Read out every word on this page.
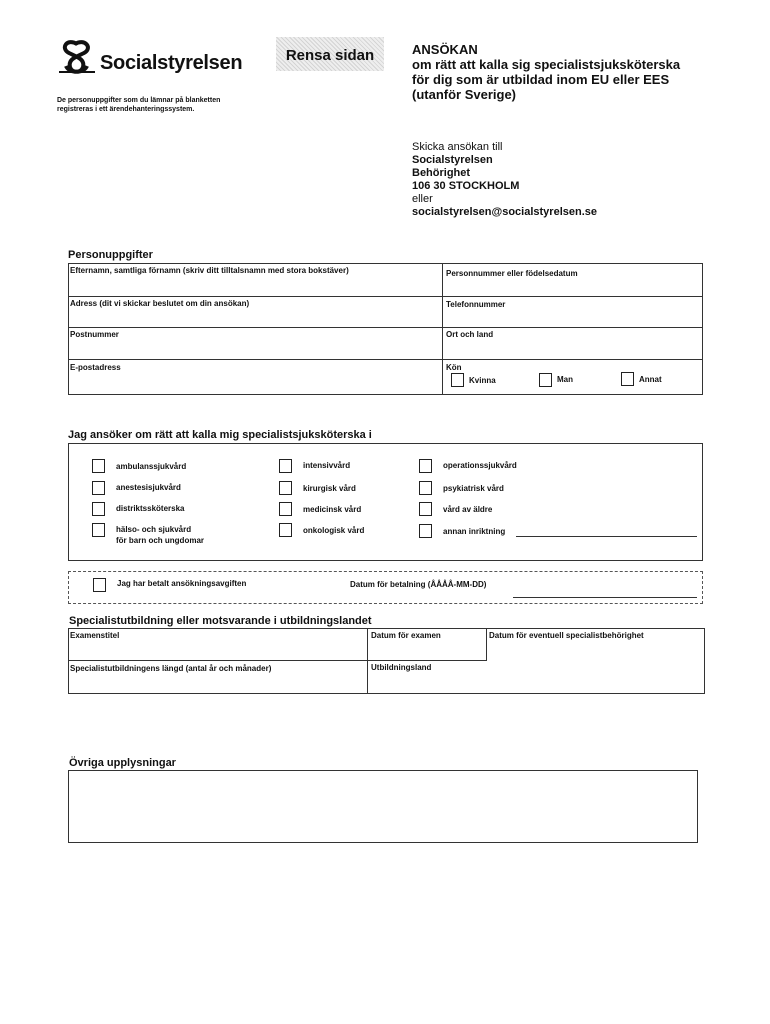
Socialstyrelsen
De personuppgifter som du lämnar på blanketten registreras i ett ärendehanteringssystem.
Rensa sidan	ANSÖKAN
om rätt att kalla sig specialistsjuksköterska
för dig som är utbildad inom EU eller EES
(utanför Sverige)
Skicka ansökan till
Socialstyrelsen
Behörighet
106 30 STOCKHOLM
eller
socialstyrelsen@socialstyrelsen.se
Personuppgifter
Efternamn, samtliga förnamn (skriv ditt tilltalsnamn med stora bokstäver)	Personnummer eller födelsedatum
Adress (dit vi skickar beslutet om din ansökan)	Telefonnummer
Postnummer	Ort och land
E-postadress	Kön
Kvinna	Man	Annat
Jag ansöker om rätt att kalla mig specialistsjuksköterska i
ambulanssjukvård
anestesisjukvård
distriktssköterska
hälso- och sjukvård
för barn och ungdomar
intensivvård
kirurgisk vård
medicinsk vård
onkologisk vård
operationssjukvård
psykiatrisk vård
vård av äldre
annan inriktning
Jag har betalt ansökningsavgiften	Datum för betalning (ÅÅÅÅ-MM-DD)
Specialistutbildning eller motsvarande i utbildningslandet
Examenstitel	Datum för examen	Datum för eventuell specialistbehörighet
Specialistutbildningens längd (antal år och månader)	Utbildningsland
Övriga upplysningar
